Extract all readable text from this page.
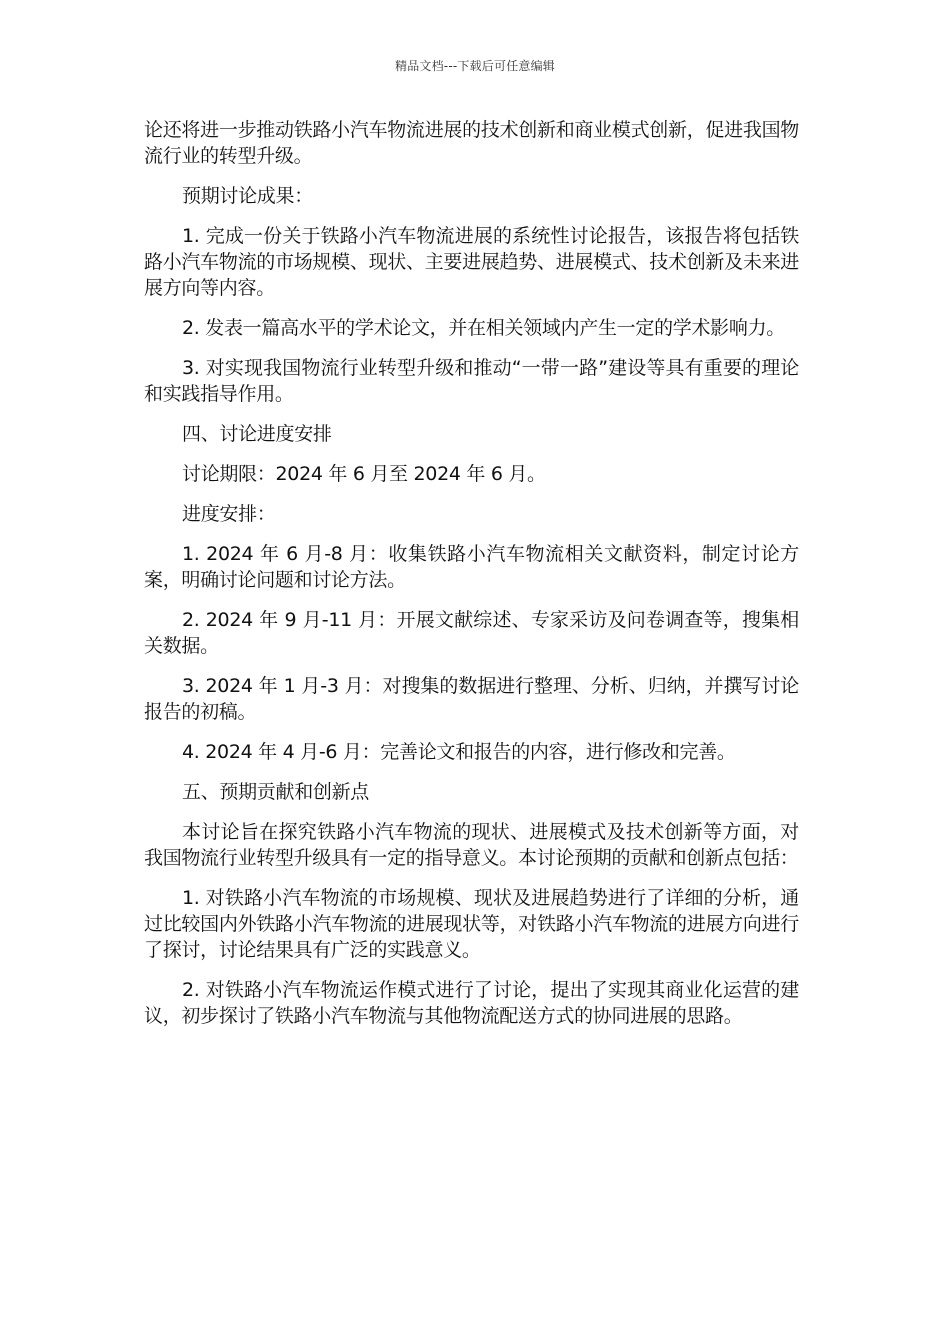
精品文档---下载后可任意编辑

论还将进一步推动铁路小汽车物流进展的技术创新和商业模式创新，促进我国物流行业的转型升级。

预期讨论成果：

1. 完成一份关于铁路小汽车物流进展的系统性讨论报告，该报告将包括铁路小汽车物流的市场规模、现状、主要进展趋势、进展模式、技术创新及未来进展方向等内容。

2. 发表一篇高水平的学术论文，并在相关领域内产生一定的学术影响力。

3. 对实现我国物流行业转型升级和推动“一带一路”建设等具有重要的理论和实践指导作用。

四、讨论进度安排

讨论期限：2024 年 6 月至 2024 年 6 月。

进度安排：

1. 2024 年 6 月-8 月：收集铁路小汽车物流相关文献资料，制定讨论方案，明确讨论问题和讨论方法。

2. 2024 年 9 月-11 月：开展文献综述、专家采访及问卷调查等，搜集相关数据。

3. 2024 年 1 月-3 月：对搜集的数据进行整理、分析、归纳，并撰写讨论报告的初稿。

4. 2024 年 4 月-6 月：完善论文和报告的内容，进行修改和完善。

五、预期贡献和创新点

本讨论旨在探究铁路小汽车物流的现状、进展模式及技术创新等方面，对我国物流行业转型升级具有一定的指导意义。本讨论预期的贡献和创新点包括：

1. 对铁路小汽车物流的市场规模、现状及进展趋势进行了详细的分析，通过比较国内外铁路小汽车物流的进展现状等，对铁路小汽车物流的进展方向进行了探讨，讨论结果具有广泛的实践意义。

2. 对铁路小汽车物流运作模式进行了讨论，提出了实现其商业化运营的建议，初步探讨了铁路小汽车物流与其他物流配送方式的协同进展的思路。
